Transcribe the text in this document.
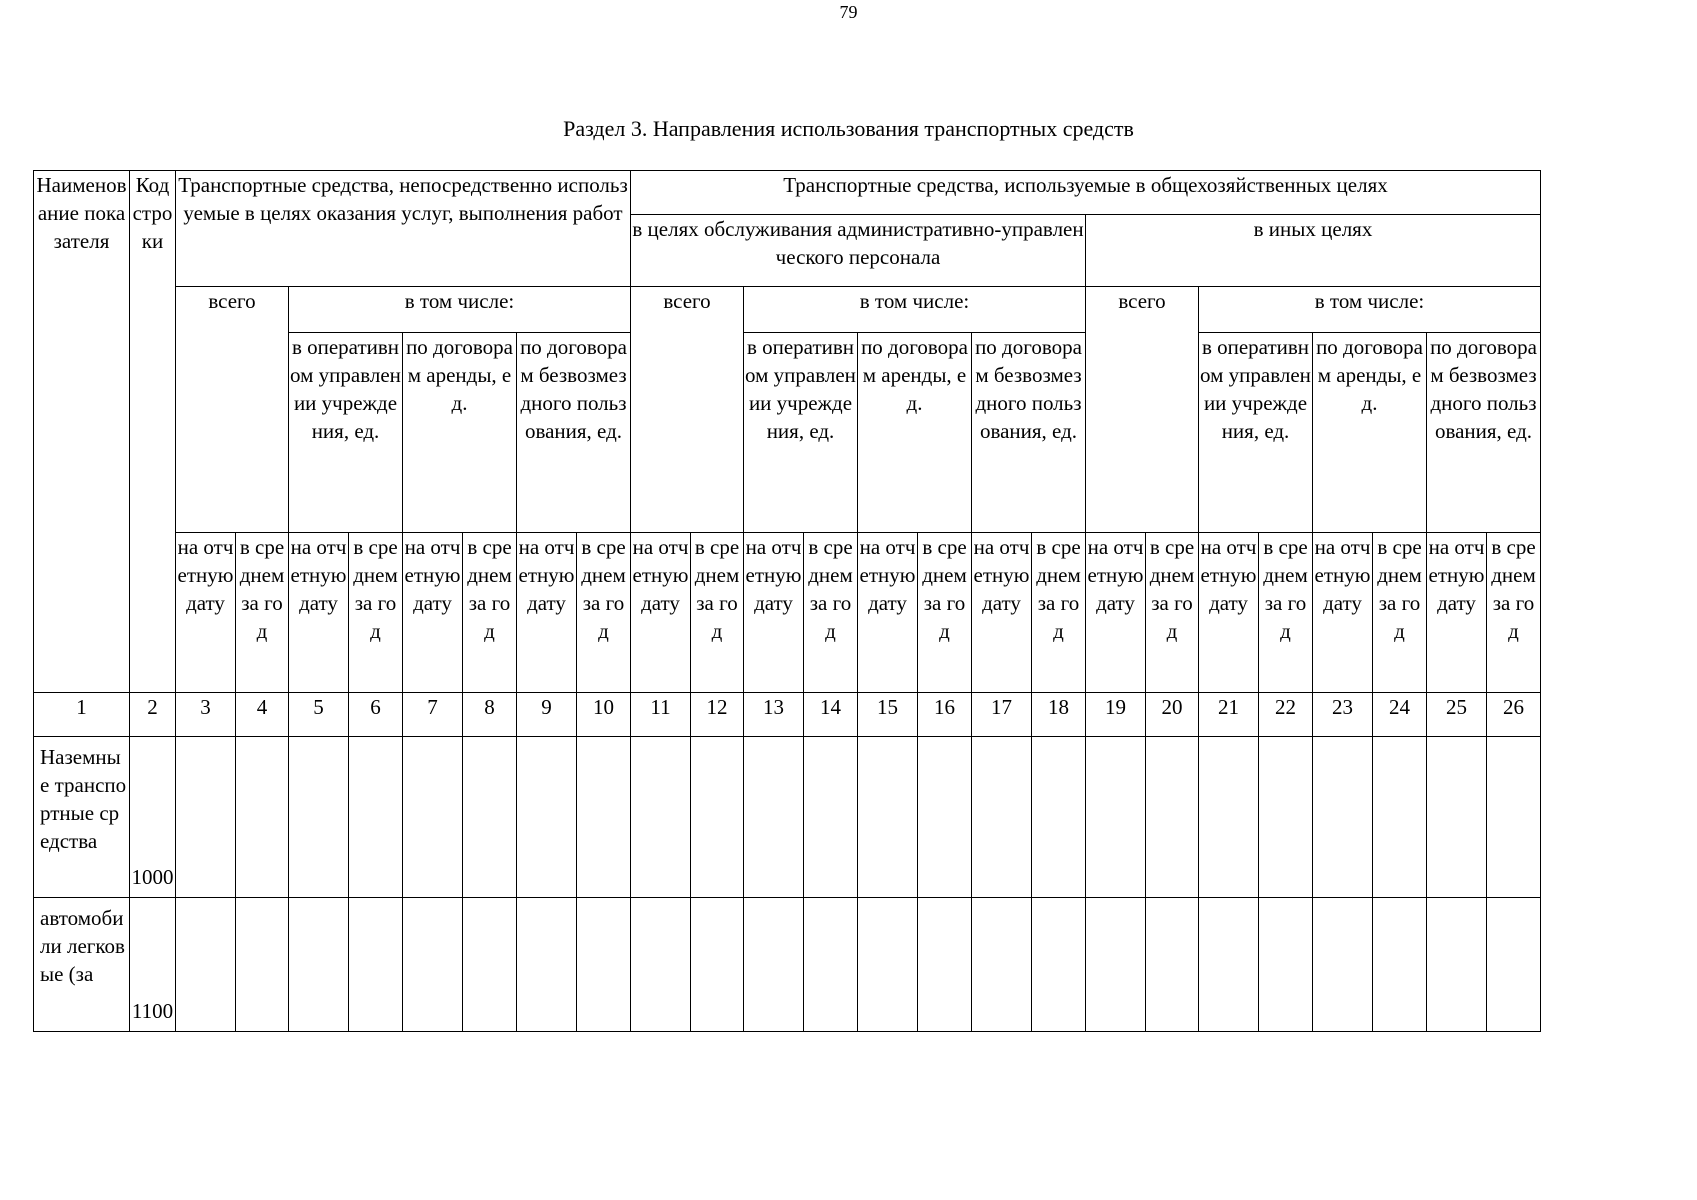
79
Раздел 3. Направления использования транспортных средств
Наименование показателя	Код строки	Транспортные средства, непосредственно используемые в целях оказания услуг, выполнения работ								Транспортные средства, используемые в общехозяйственных целях															
										в целях обслуживания административно-управленческого персонала								в иных целях							
		всего		в том числе:						всего		в том числе:						всего		в том числе:					
				в оперативном управлении учреждения, ед.		по договорам аренды, ед.		по договорам безвозмездного пользования, ед.				в оперативном управлении учреждения, ед.		по договорам аренды, ед.		по договорам безвозмездного пользования, ед.				в оперативном управлении учреждения, ед.		по договорам аренды, ед.		по договорам безвозмездного пользования, ед.	
		на отчетную дату	в среднем за год	на отчетную дату	в среднем за год	на отчетную дату	в среднем за год	на отчетную дату	в среднем за год	на отчетную дату	в среднем за год	на отчетную дату	в среднем за год	на отчетную дату	в среднем за год	на отчетную дату	в среднем за год	на отчетную дату	в среднем за год	на отчетную дату	в среднем за год	на отчетную дату	в среднем за год	на отчетную дату	в среднем за год
1	2	3	4	5	6	7	8	9	10	11	12	13	14	15	16	17	18	19	20	21	22	23	24	25	26
Наземные транспортные средства	1000																								
автомобили легковые (за	1100																								
